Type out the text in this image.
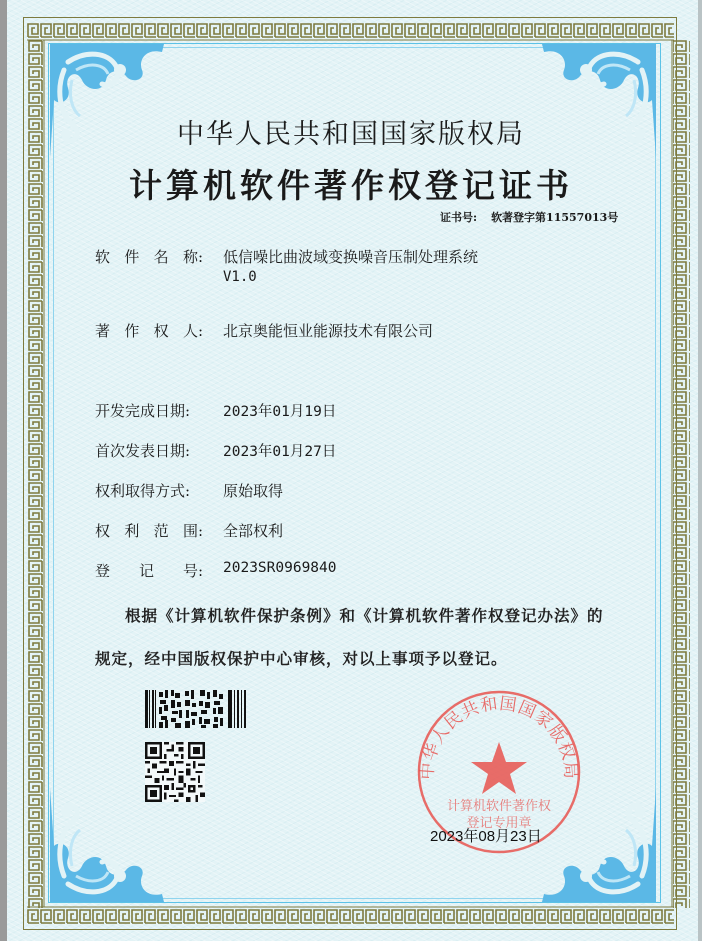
中华人民共和国国家版权局
计算机软件著作权登记证书
证书号: 软著登字第11557013号
软 件 名 称: 低信噪比曲波域变换噪音压制处理系统
V1.0
著 作 权 人: 北京奥能恒业能源技术有限公司
开发完成日期:	2023年01月19日
首次发表日期:	2023年01月27日
权利取得方式:	原始取得
权 利 范 围: 全部权利
登 记 号: 2023SR0969840
根据《计算机软件保护条例》和《计算机软件著作权登记办法》的
规定，经中国版权保护中心审核，对以上事项予以登记。
中华人民共和国国家版权局
计算机软件著作权
登记专用章
2023年08月23日
